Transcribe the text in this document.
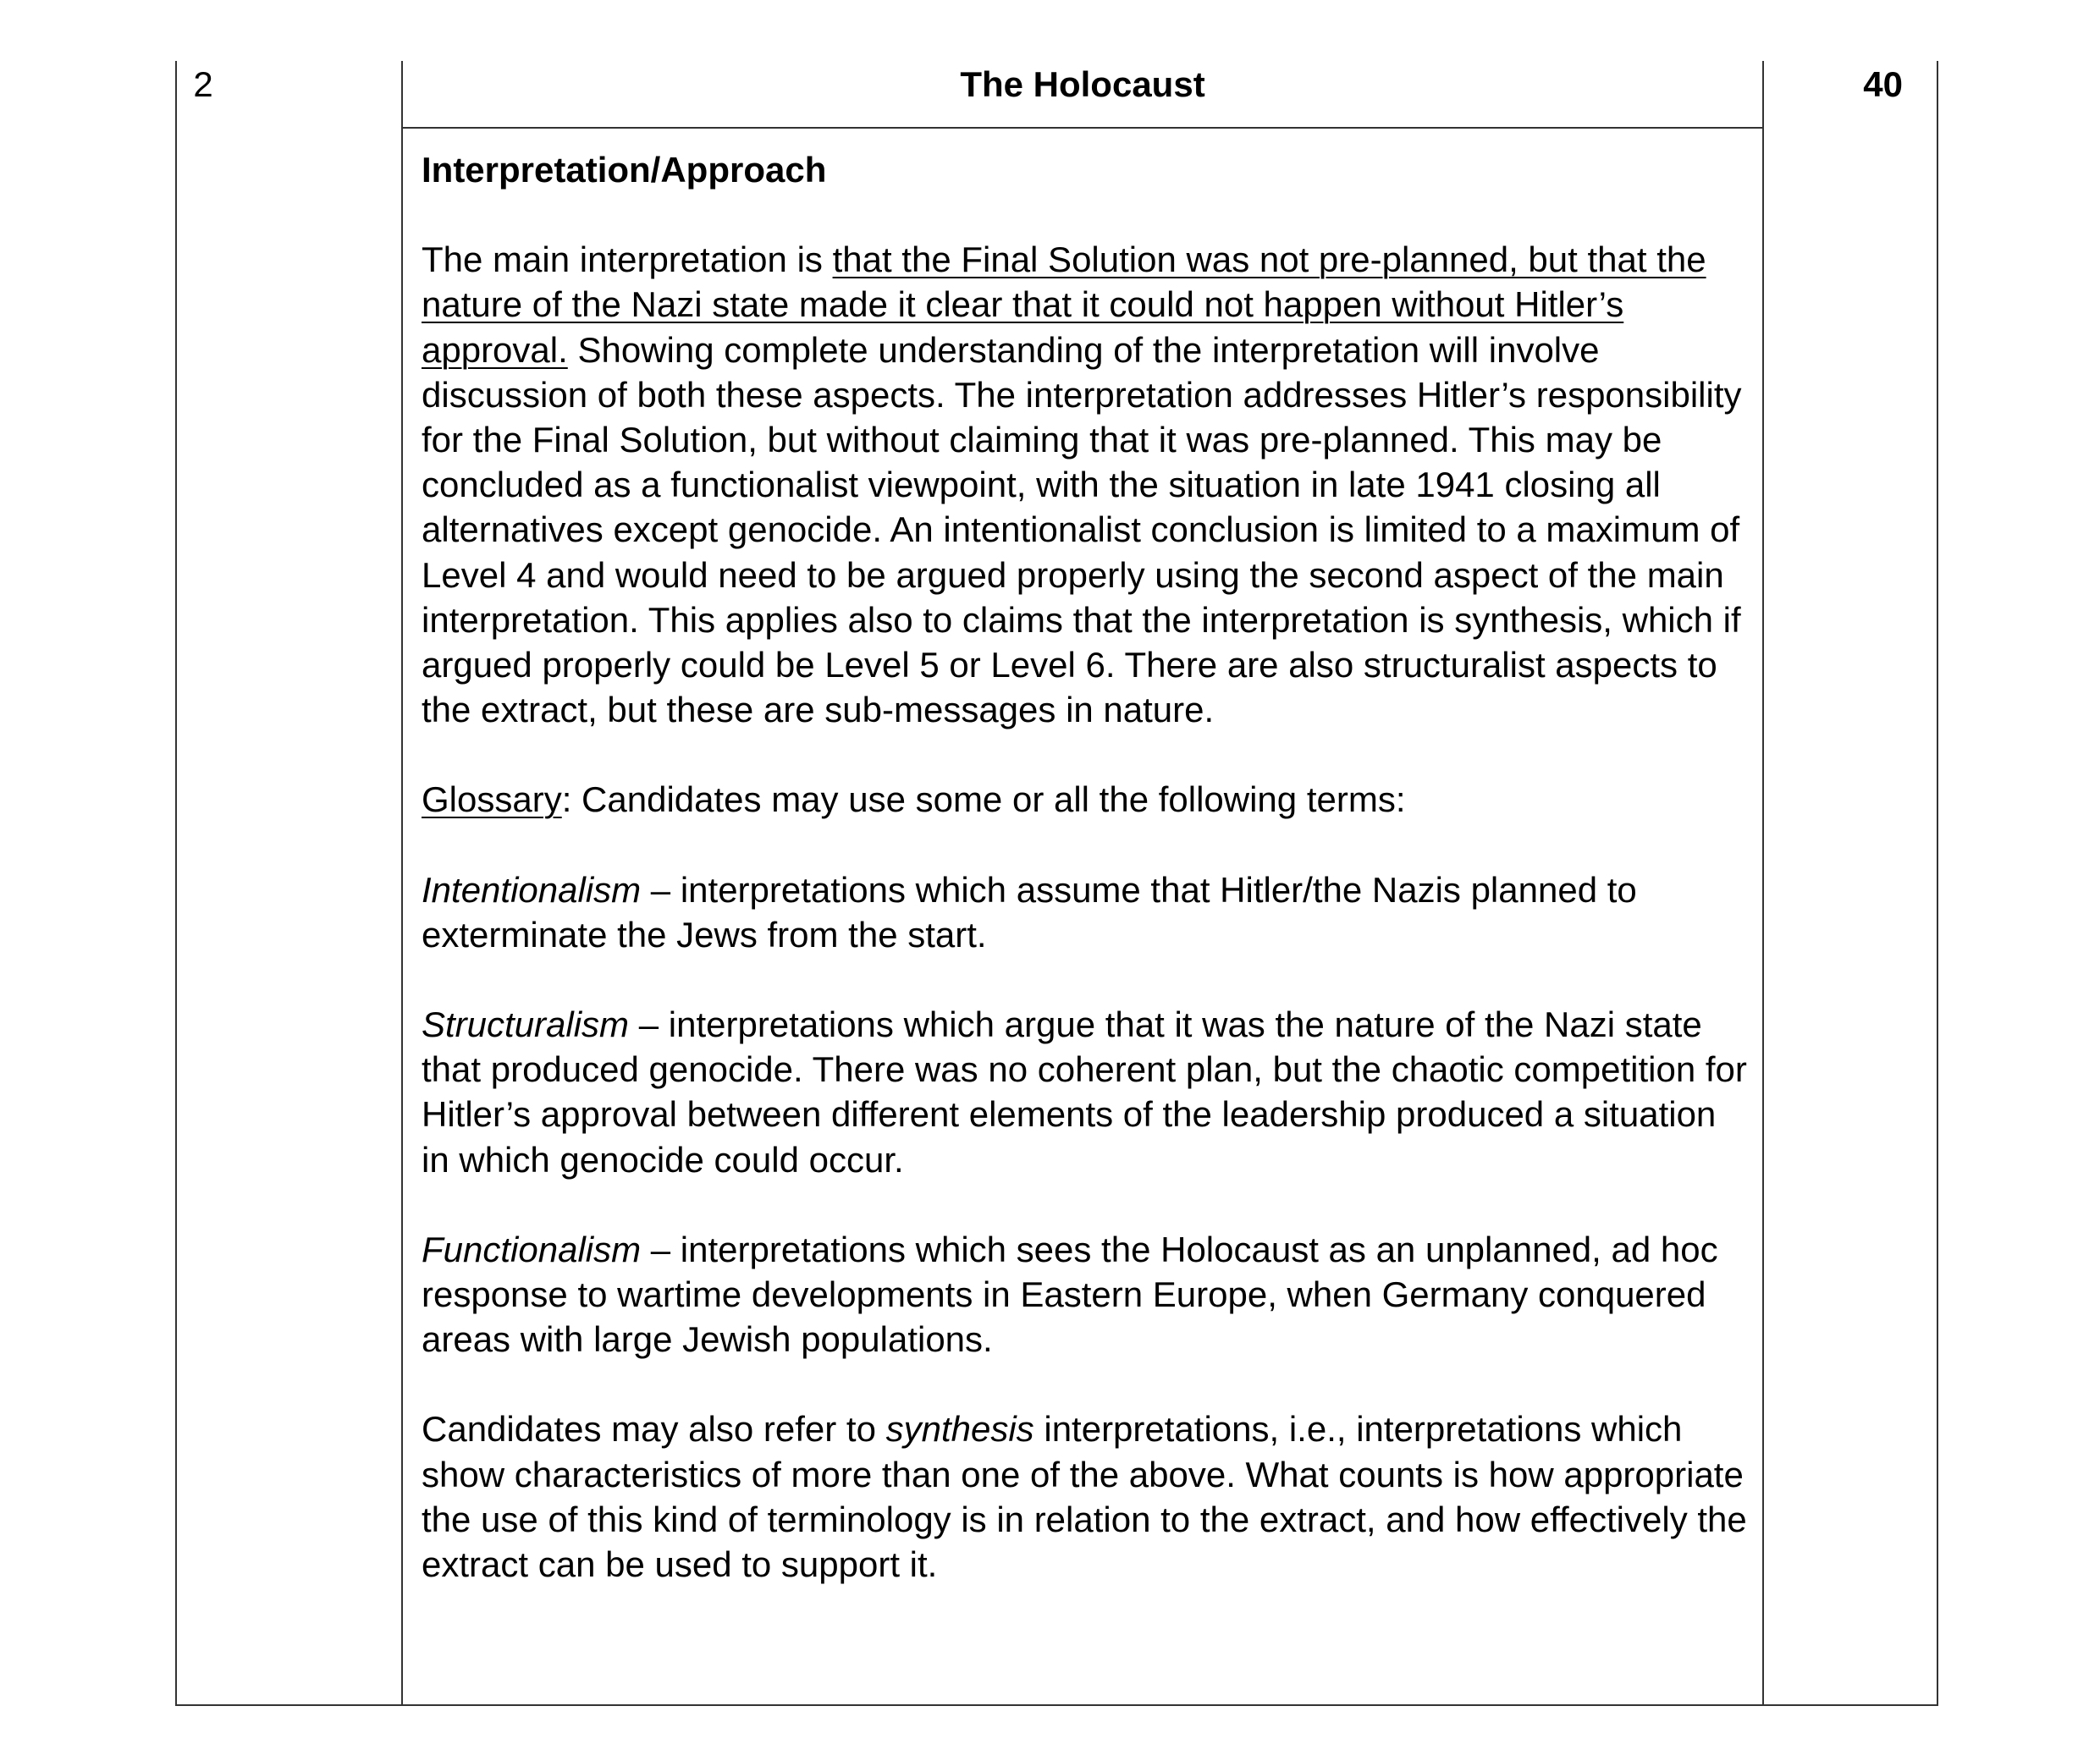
2	The Holocaust	40

Interpretation/Approach

The main interpretation is that the Final Solution was not pre-planned, but that the nature of the Nazi state made it clear that it could not happen without Hitler’s approval. Showing complete understanding of the interpretation will involve discussion of both these aspects. The interpretation addresses Hitler’s responsibility for the Final Solution, but without claiming that it was pre-planned. This may be concluded as a functionalist viewpoint, with the situation in late 1941 closing all alternatives except genocide. An intentionalist conclusion is limited to a maximum of Level 4 and would need to be argued properly using the second aspect of the main interpretation. This applies also to claims that the interpretation is synthesis, which if argued properly could be Level 5 or Level 6. There are also structuralist aspects to the extract, but these are sub-messages in nature.

Glossary: Candidates may use some or all the following terms:

Intentionalism – interpretations which assume that Hitler/the Nazis planned to exterminate the Jews from the start.

Structuralism – interpretations which argue that it was the nature of the Nazi state that produced genocide. There was no coherent plan, but the chaotic competition for Hitler’s approval between different elements of the leadership produced a situation in which genocide could occur.

Functionalism – interpretations which sees the Holocaust as an unplanned, ad hoc response to wartime developments in Eastern Europe, when Germany conquered areas with large Jewish populations.

Candidates may also refer to synthesis interpretations, i.e., interpretations which show characteristics of more than one of the above. What counts is how appropriate the use of this kind of terminology is in relation to the extract, and how effectively the extract can be used to support it.
